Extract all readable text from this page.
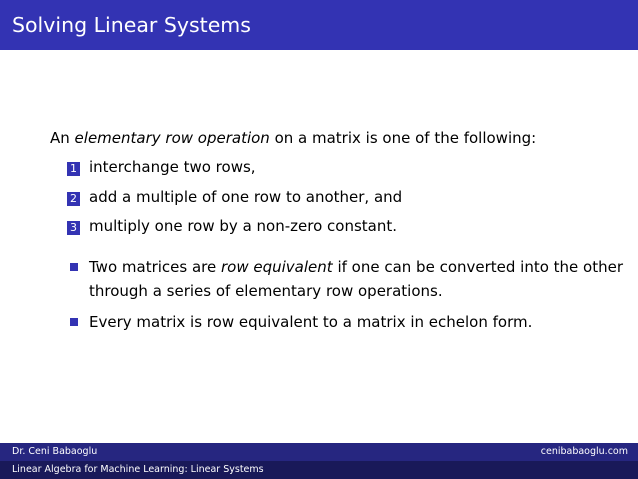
Solving Linear Systems
An elementary row operation on a matrix is one of the following:
1 interchange two rows,
2 add a multiple of one row to another, and
3 multiply one row by a non-zero constant.
Two matrices are row equivalent if one can be converted into the other through a series of elementary row operations.
Every matrix is row equivalent to a matrix in echelon form.
Dr. Ceni Babaoglu	cenibabaoglu.com
Linear Algebra for Machine Learning: Linear Systems
